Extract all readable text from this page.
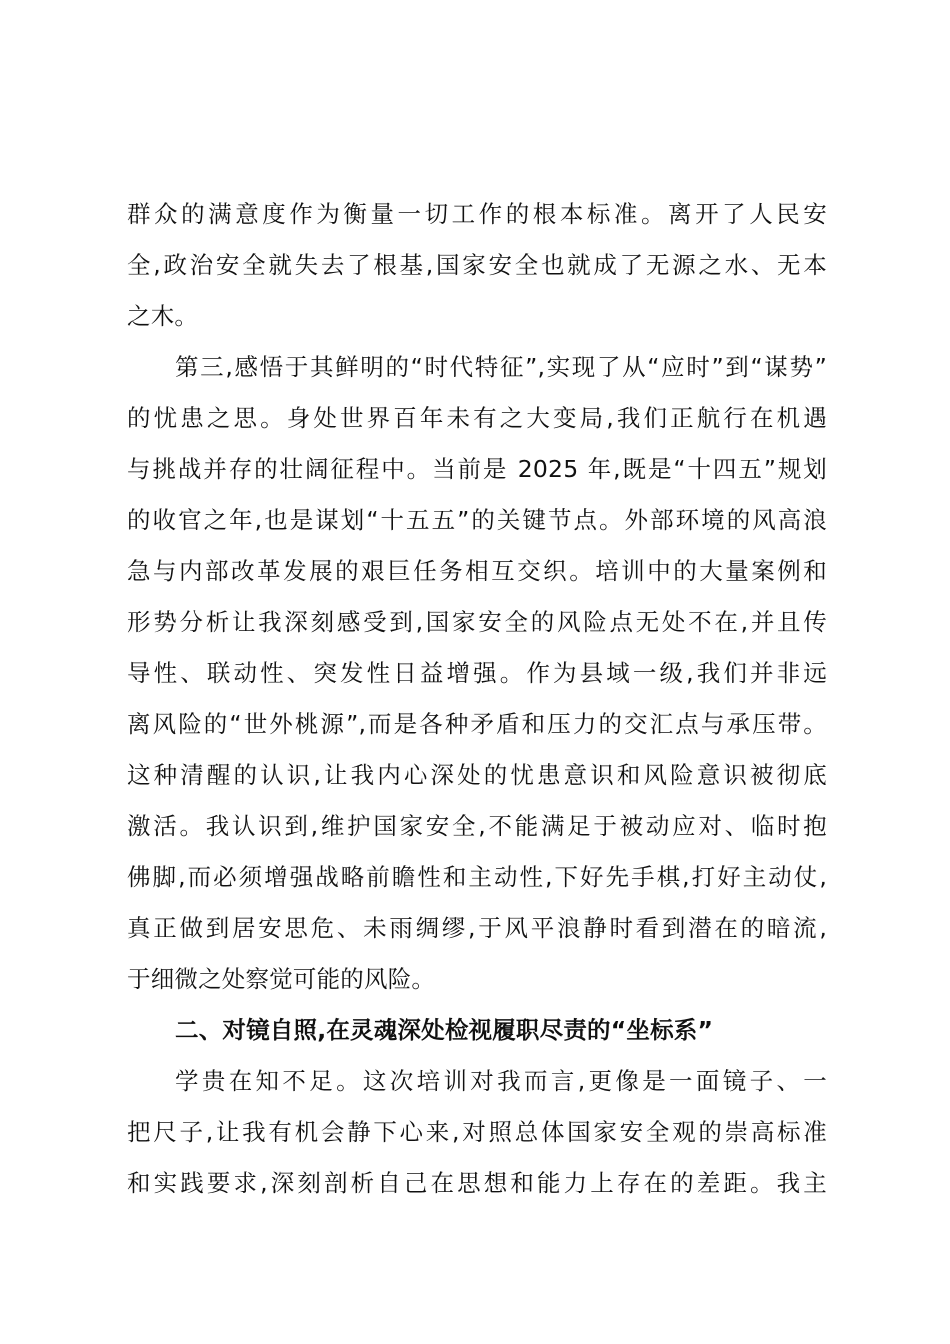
群众的满意度作为衡量一切工作的根本标准。离开了人民安
全,政治安全就失去了根基,国家安全也就成了无源之水、无本
之木。
第三,感悟于其鲜明的“时代特征”,实现了从“应时”到“谋势”
的忧患之思。身处世界百年未有之大变局,我们正航行在机遇
与挑战并存的壮阔征程中。当前是 2025 年,既是“十四五”规划
的收官之年,也是谋划“十五五”的关键节点。外部环境的风高浪
急与内部改革发展的艰巨任务相互交织。培训中的大量案例和
形势分析让我深刻感受到,国家安全的风险点无处不在,并且传
导性、联动性、突发性日益增强。作为县域一级,我们并非远
离风险的“世外桃源”,而是各种矛盾和压力的交汇点与承压带。
这种清醒的认识,让我内心深处的忧患意识和风险意识被彻底
激活。我认识到,维护国家安全,不能满足于被动应对、临时抱
佛脚,而必须增强战略前瞻性和主动性,下好先手棋,打好主动仗,
真正做到居安思危、未雨绸缪,于风平浪静时看到潜在的暗流,
于细微之处察觉可能的风险。
二、对镜自照,在灵魂深处检视履职尽责的“坐标系”
学贵在知不足。这次培训对我而言,更像是一面镜子、一
把尺子,让我有机会静下心来,对照总体国家安全观的崇高标准
和实践要求,深刻剖析自己在思想和能力上存在的差距。我主
